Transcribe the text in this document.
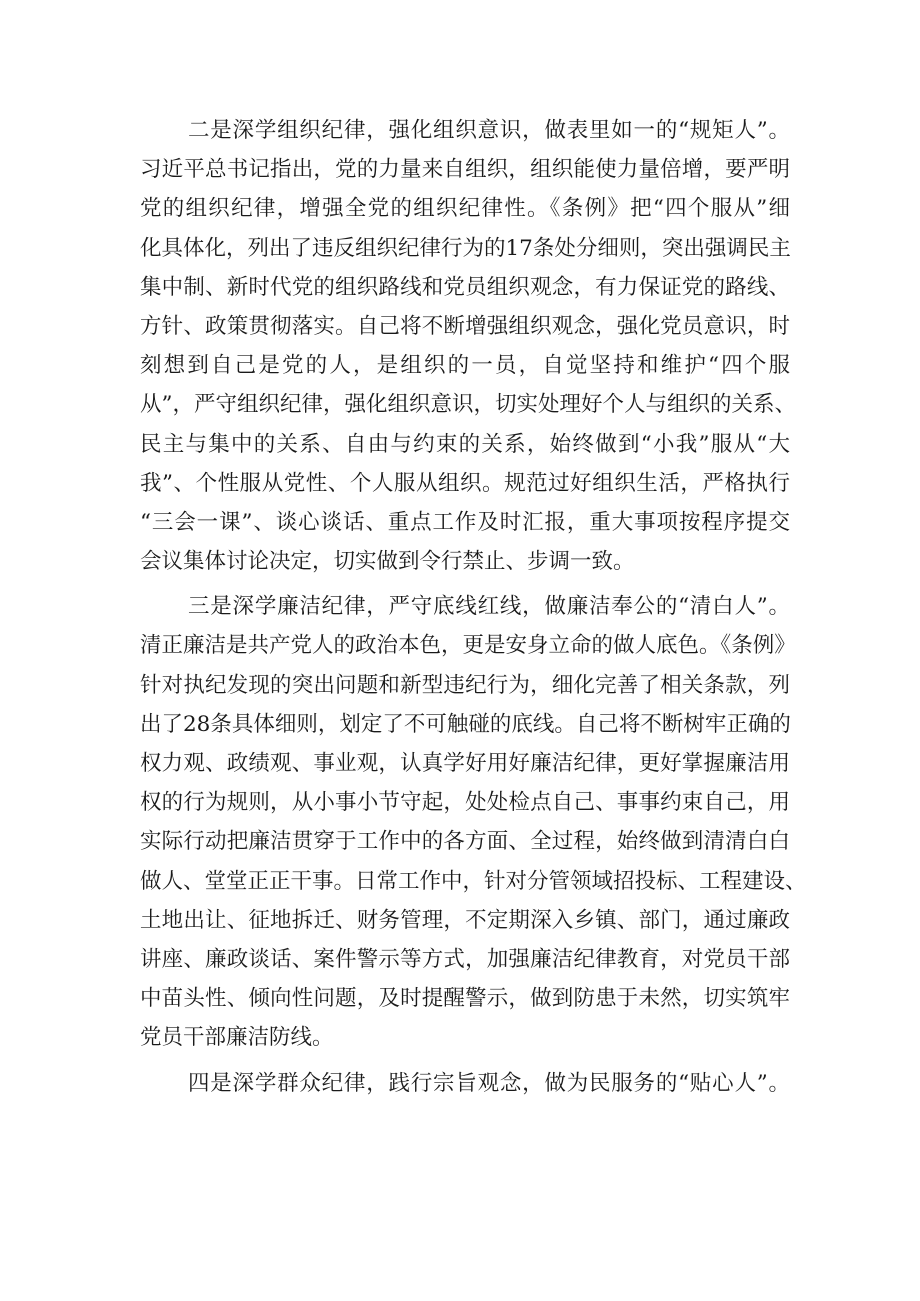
二是深学组织纪律，强化组织意识，做表里如一的“规矩人”。
习近平总书记指出，党的力量来自组织，组织能使力量倍增，要严明
党的组织纪律，增强全党的组织纪律性。《条例》把“四个服从”细
化具体化，列出了违反组织纪律行为的17条处分细则，突出强调民主
集中制、新时代党的组织路线和党员组织观念，有力保证党的路线、
方针、政策贯彻落实。自己将不断增强组织观念，强化党员意识，时
刻想到自己是党的人，是组织的一员，自觉坚持和维护“四个服
从”，严守组织纪律，强化组织意识，切实处理好个人与组织的关系、
民主与集中的关系、自由与约束的关系，始终做到“小我”服从“大
我”、个性服从党性、个人服从组织。规范过好组织生活，严格执行
“三会一课”、谈心谈话、重点工作及时汇报，重大事项按程序提交
会议集体讨论决定，切实做到令行禁止、步调一致。
三是深学廉洁纪律，严守底线红线，做廉洁奉公的“清白人”。
清正廉洁是共产党人的政治本色，更是安身立命的做人底色。《条例》
针对执纪发现的突出问题和新型违纪行为，细化完善了相关条款，列
出了28条具体细则，划定了不可触碰的底线。自己将不断树牢正确的
权力观、政绩观、事业观，认真学好用好廉洁纪律，更好掌握廉洁用
权的行为规则，从小事小节守起，处处检点自己、事事约束自己，用
实际行动把廉洁贯穿于工作中的各方面、全过程，始终做到清清白白
做人、堂堂正正干事。日常工作中，针对分管领域招投标、工程建设、
土地出让、征地拆迁、财务管理，不定期深入乡镇、部门，通过廉政
讲座、廉政谈话、案件警示等方式，加强廉洁纪律教育，对党员干部
中苗头性、倾向性问题，及时提醒警示，做到防患于未然，切实筑牢
党员干部廉洁防线。
四是深学群众纪律，践行宗旨观念，做为民服务的“贴心人”。
